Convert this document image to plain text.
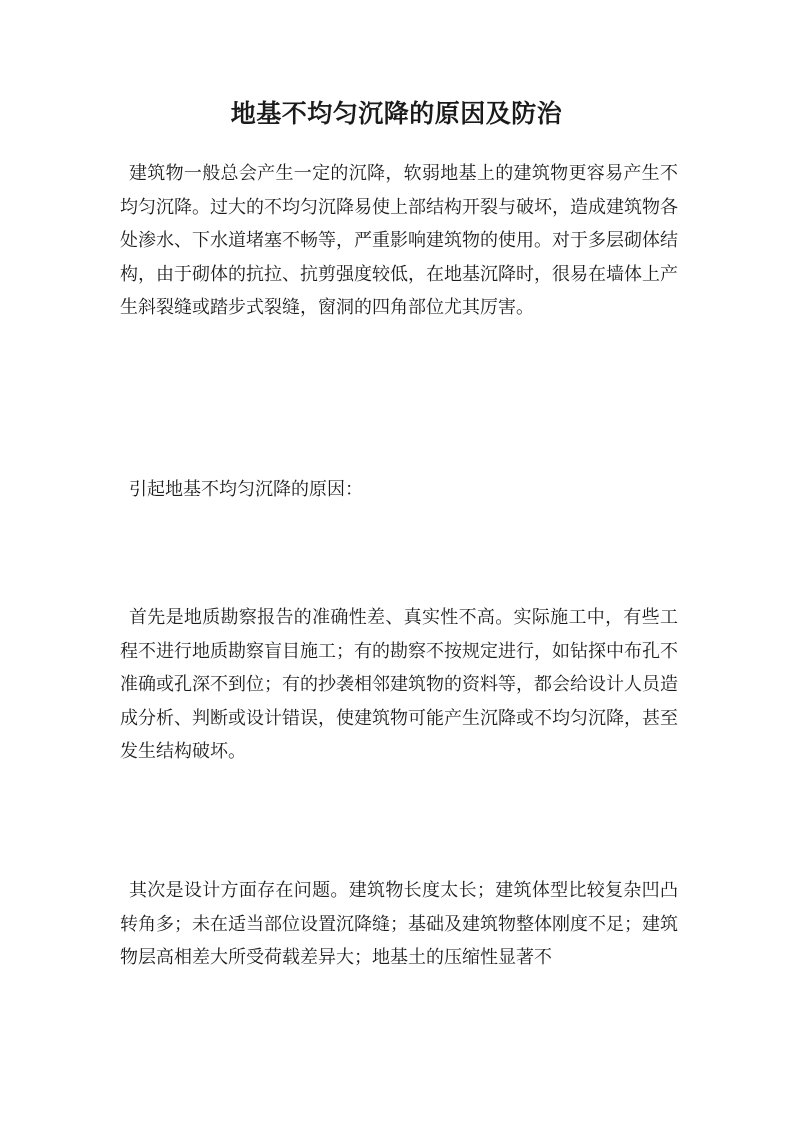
地基不均匀沉降的原因及防治

建筑物一般总会产生一定的沉降，软弱地基上的建筑物更容易产生不均匀沉降。过大的不均匀沉降易使上部结构开裂与破坏，造成建筑物各处渗水、下水道堵塞不畅等，严重影响建筑物的使用。对于多层砌体结构，由于砌体的抗拉、抗剪强度较低，在地基沉降时，很易在墙体上产生斜裂缝或踏步式裂缝，窗洞的四角部位尤其厉害。

引起地基不均匀沉降的原因：

首先是地质勘察报告的准确性差、真实性不高。实际施工中，有些工程不进行地质勘察盲目施工；有的勘察不按规定进行，如钻探中布孔不准确或孔深不到位；有的抄袭相邻建筑物的资料等，都会给设计人员造成分析、判断或设计错误，使建筑物可能产生沉降或不均匀沉降，甚至发生结构破坏。

其次是设计方面存在问题。建筑物长度太长；建筑体型比较复杂凹凸转角多；未在适当部位设置沉降缝；基础及建筑物整体刚度不足；建筑物层高相差大所受荷载差异大；地基土的压缩性显著不
